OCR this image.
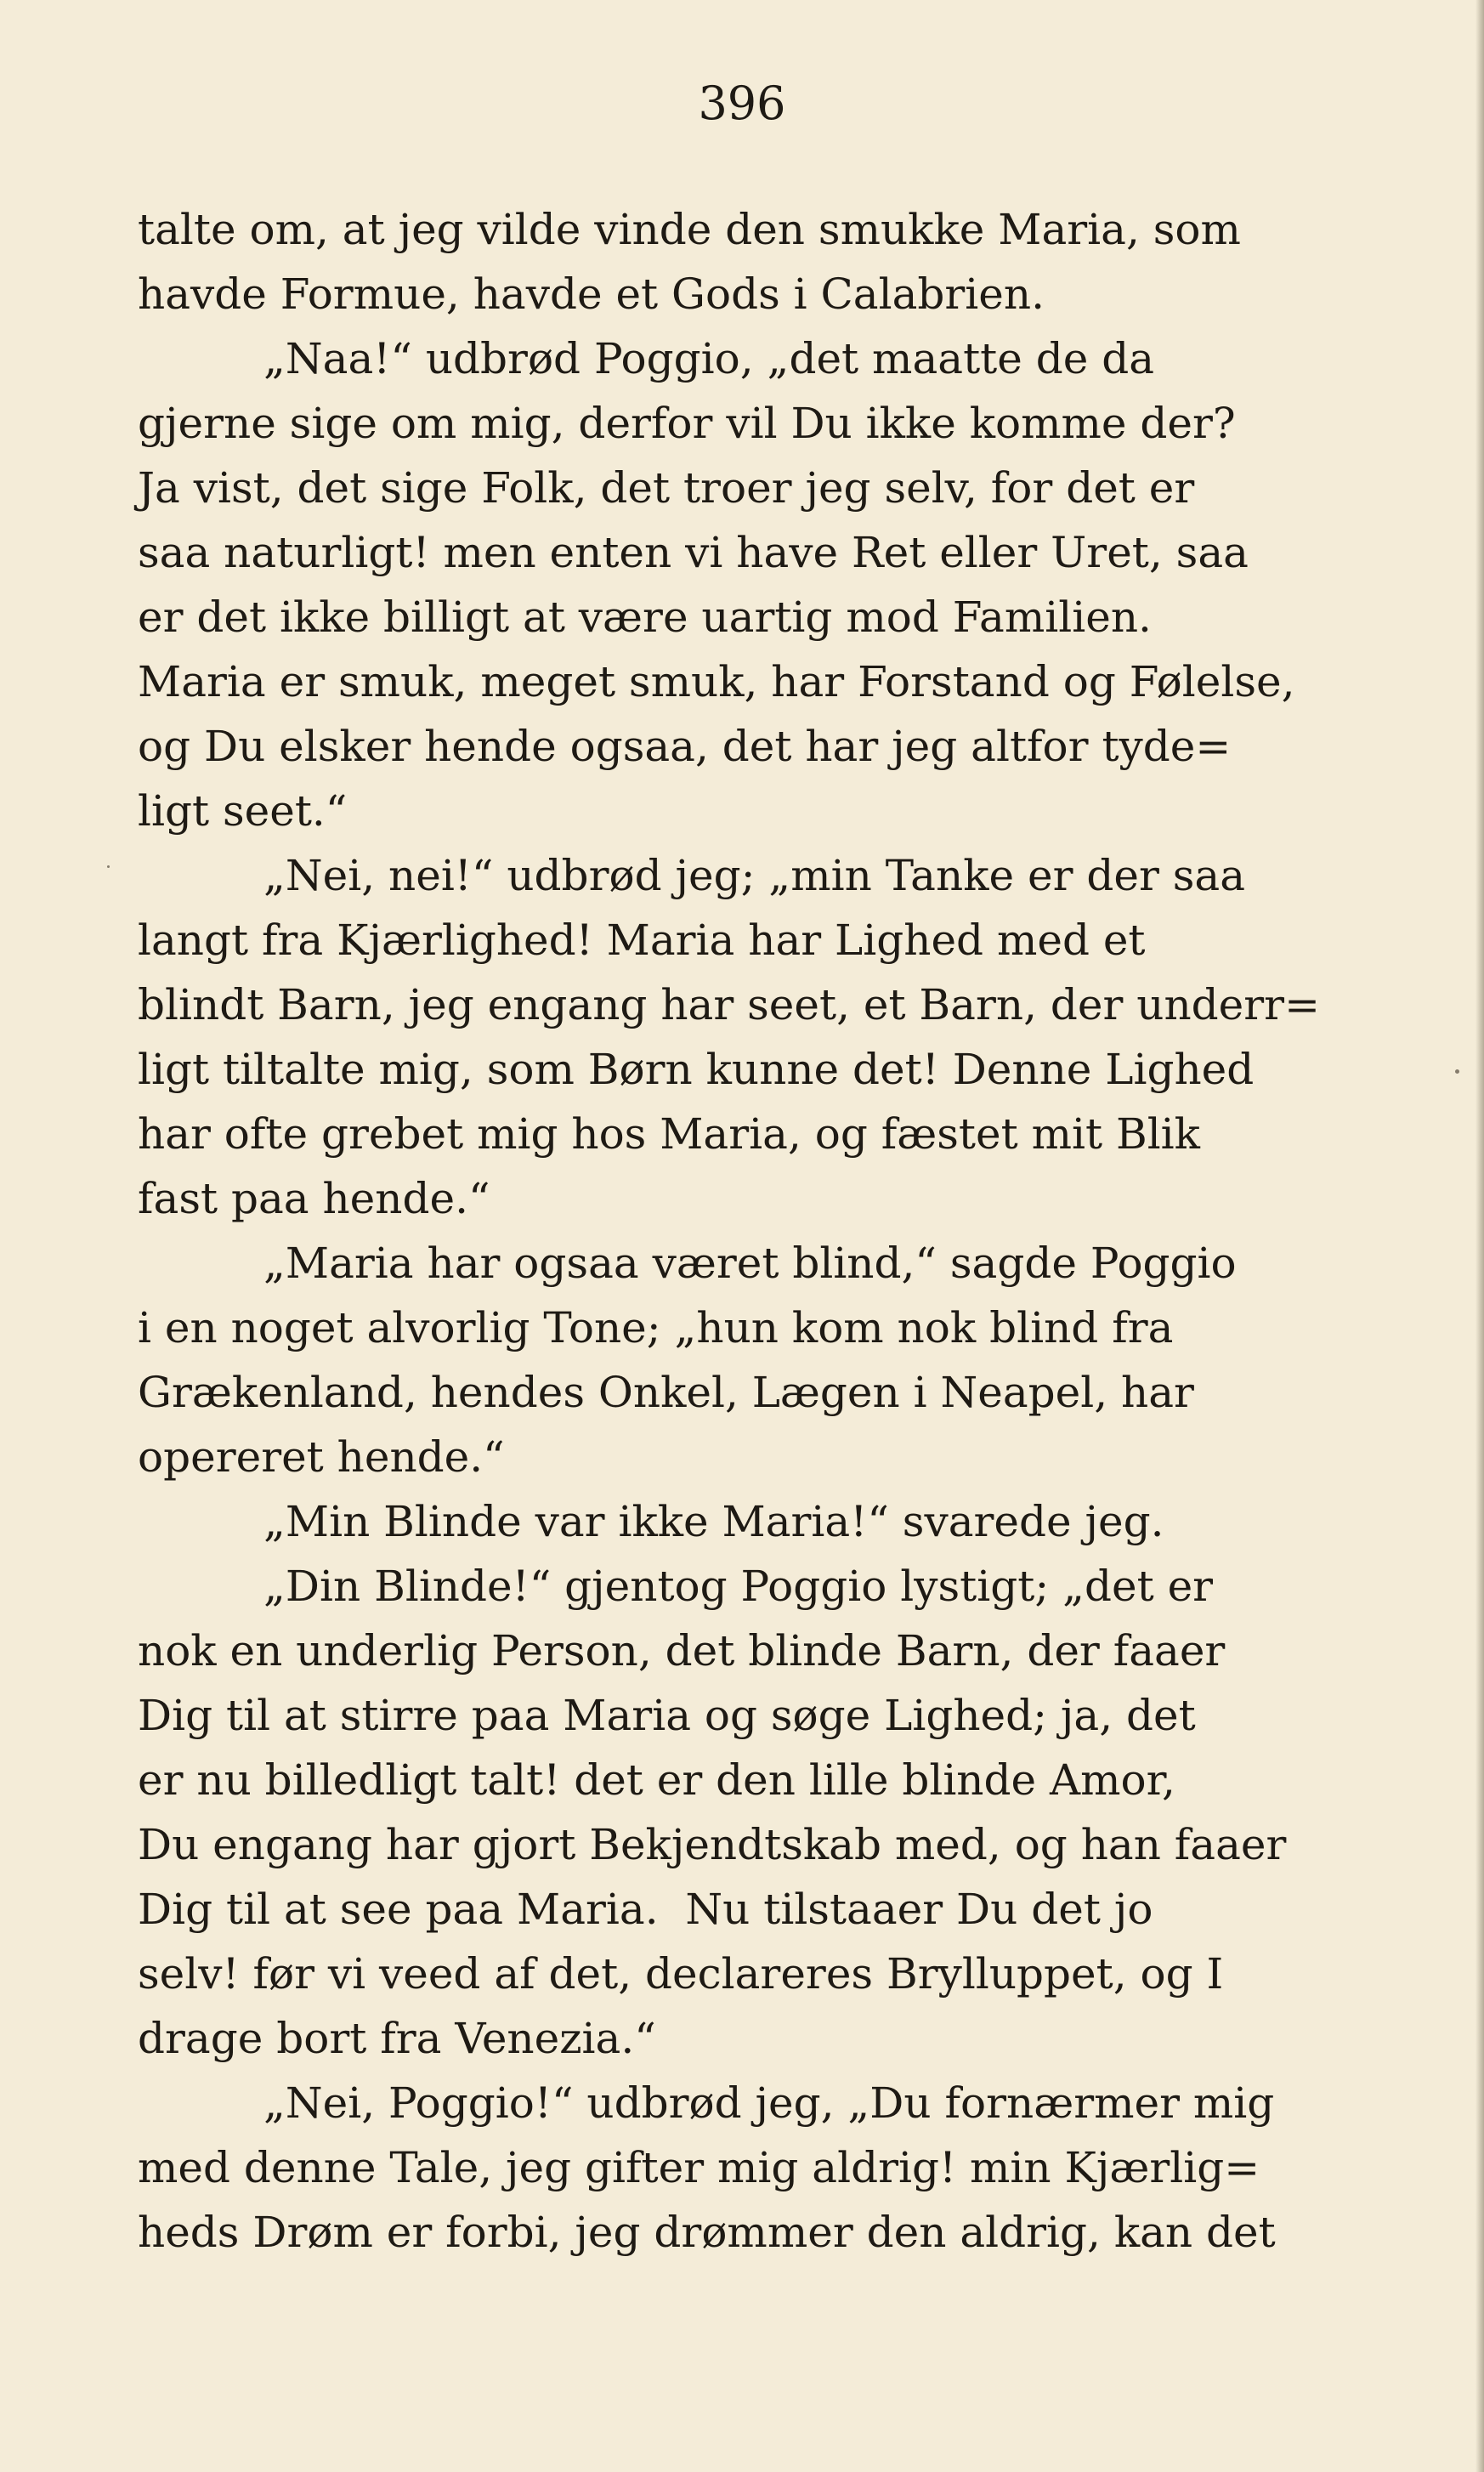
396
talte om, at jeg vilde vinde den smukke Maria, som
havde Formue, havde et Gods i Calabrien.
„Naa!“ udbrød Poggio, „det maatte de da
gjerne sige om mig, derfor vil Du ikke komme der?
Ja vist, det sige Folk, det troer jeg selv, for det er
saa naturligt! men enten vi have Ret eller Uret, saa
er det ikke billigt at være uartig mod Familien.
Maria er smuk, meget smuk, har Forstand og Følelse,
og Du elsker hende ogsaa, det har jeg altfor tyde=
ligt seet.“
„Nei, nei!“ udbrød jeg; „min Tanke er der saa
langt fra Kjærlighed! Maria har Lighed med et
blindt Barn, jeg engang har seet, et Barn, der underr=
ligt tiltalte mig, som Børn kunne det! Denne Lighed
har ofte grebet mig hos Maria, og fæstet mit Blik
fast paa hende.“
„Maria har ogsaa været blind,“ sagde Poggio
i en noget alvorlig Tone; „hun kom nok blind fra
Grækenland, hendes Onkel, Lægen i Neapel, har
opereret hende.“
„Min Blinde var ikke Maria!“ svarede jeg.
„Din Blinde!“ gjentog Poggio lystigt; „det er
nok en underlig Person, det blinde Barn, der faaer
Dig til at stirre paa Maria og søge Lighed; ja, det
er nu billedligt talt! det er den lille blinde Amor,
Du engang har gjort Bekjendtskab med, og han faaer
Dig til at see paa Maria.  Nu tilstaaer Du det jo
selv! før vi veed af det, declareres Brylluppet, og I
drage bort fra Venezia.“
„Nei, Poggio!“ udbrød jeg, „Du fornærmer mig
med denne Tale, jeg gifter mig aldrig! min Kjærlig=
heds Drøm er forbi, jeg drømmer den aldrig, kan det
